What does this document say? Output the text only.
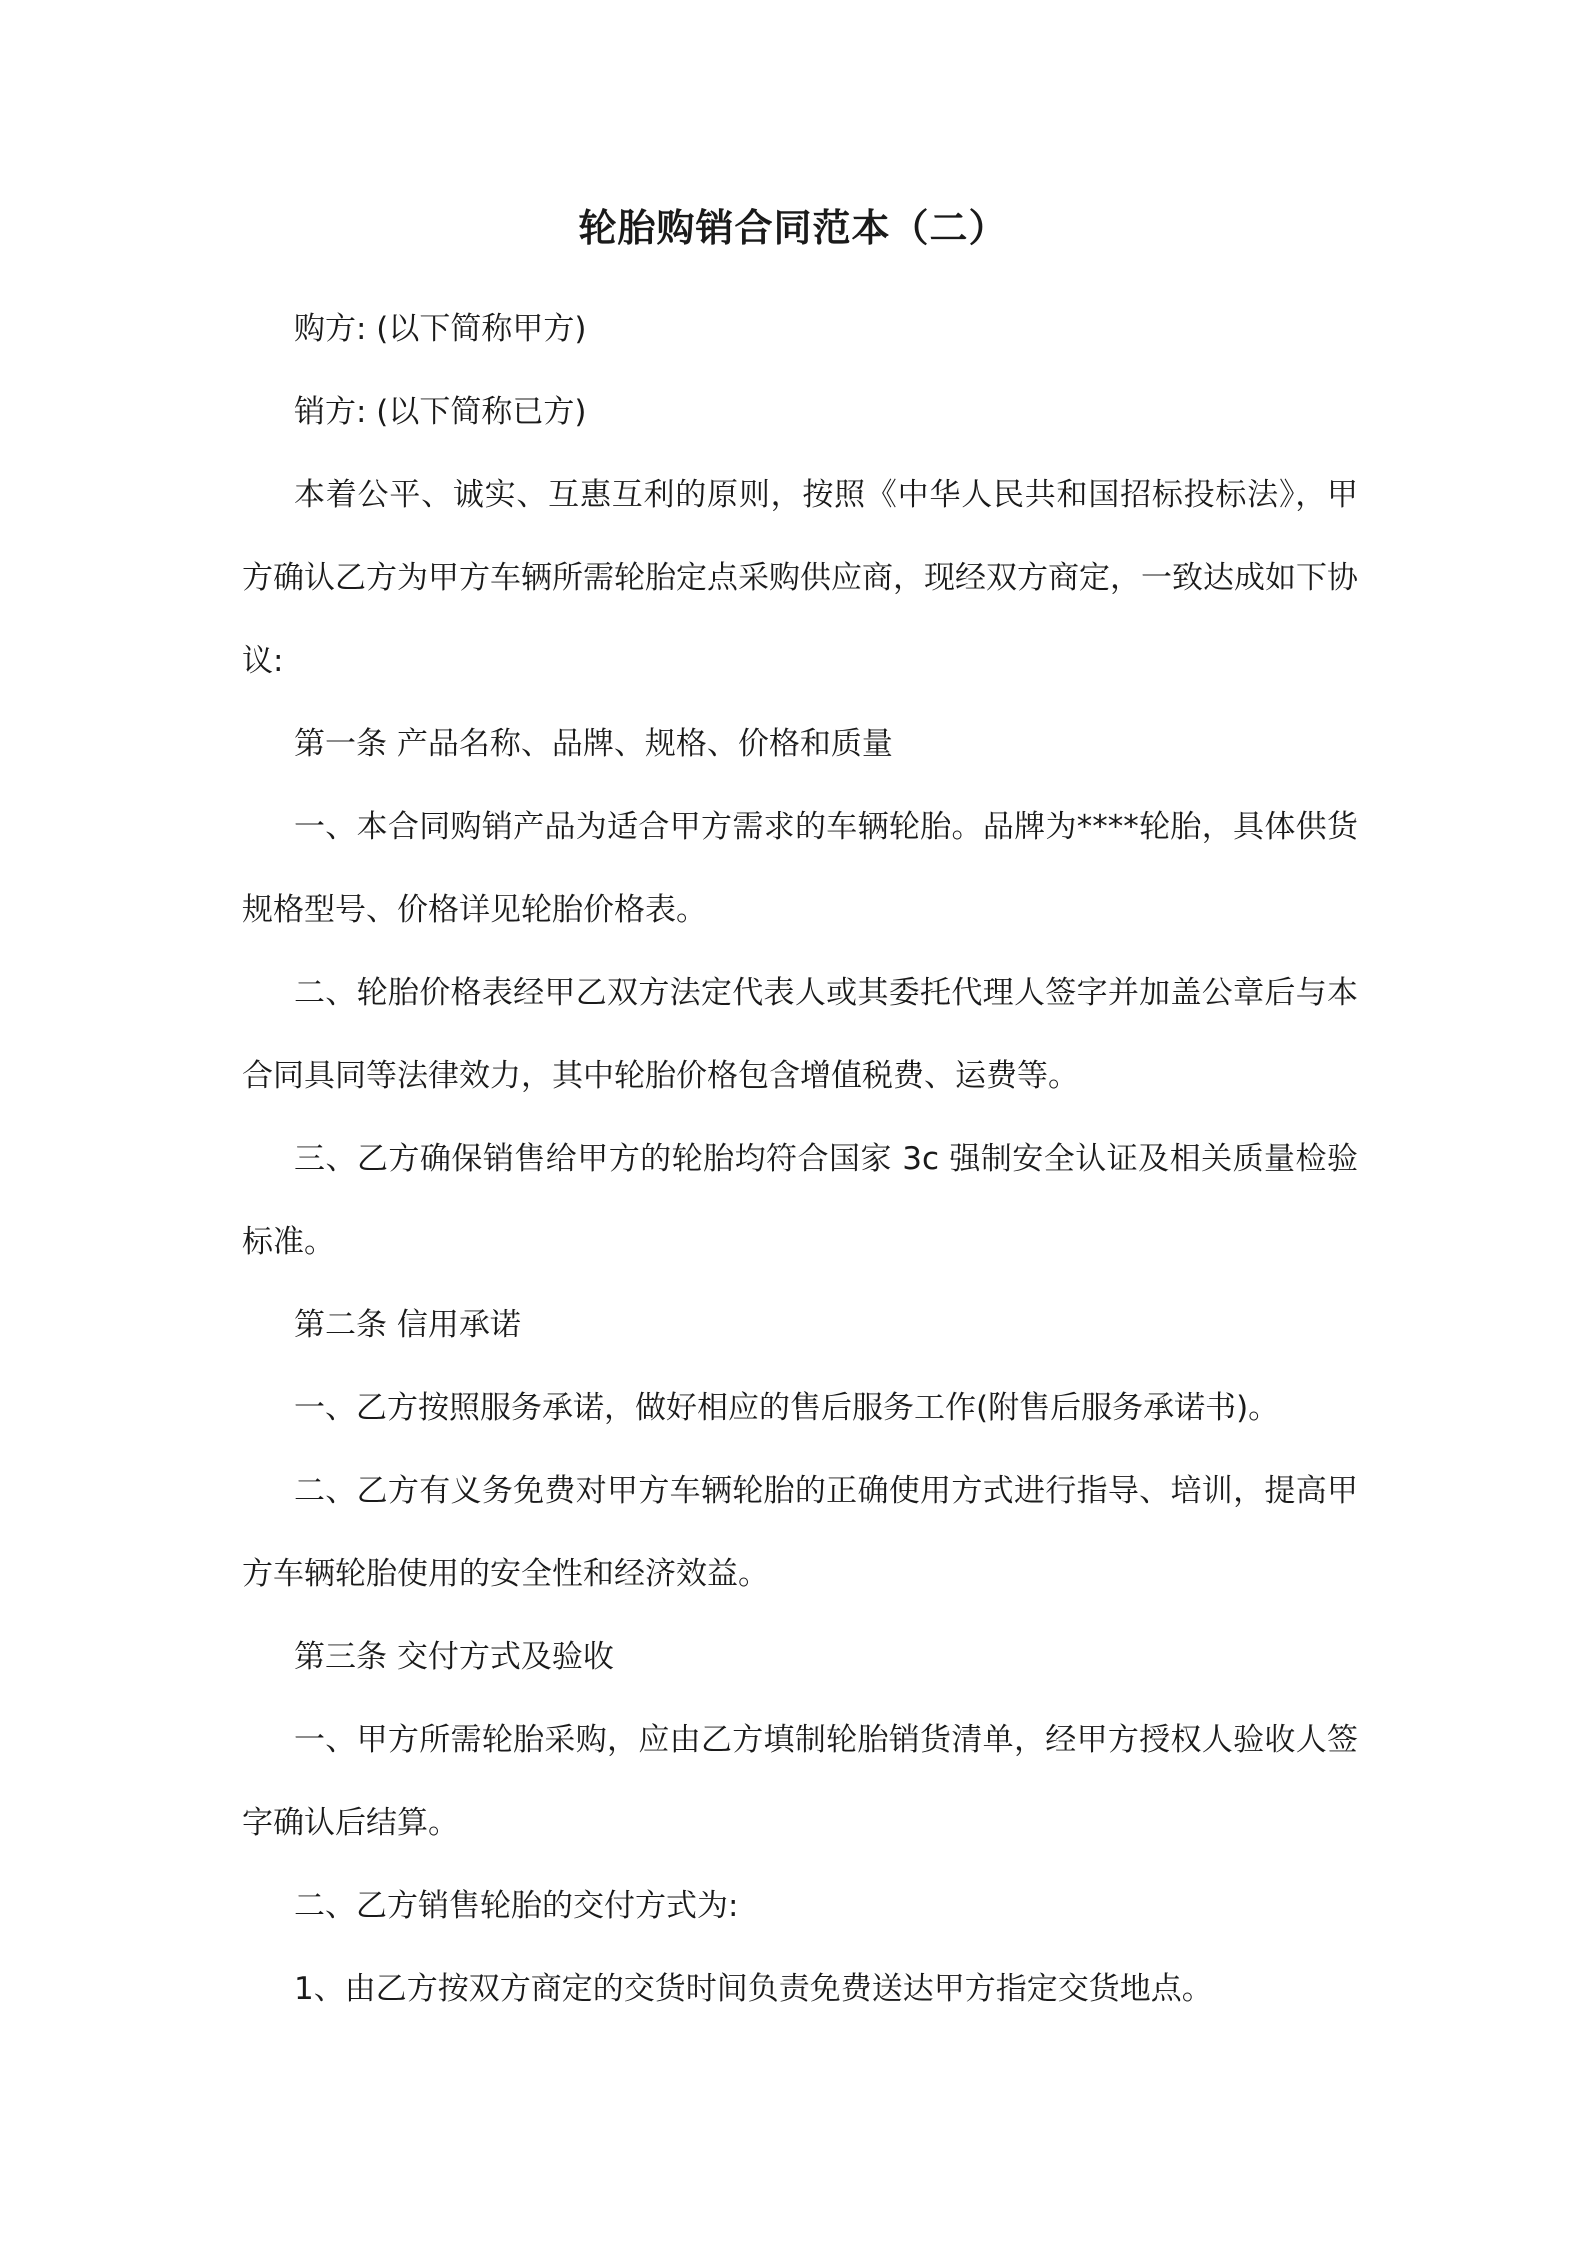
轮胎购销合同范本（二）

购方: (以下简称甲方)

销方: (以下简称已方)

本着公平、诚实、互惠互利的原则，按照《中华人民共和国招标投标法》，甲方确认乙方为甲方车辆所需轮胎定点采购供应商，现经双方商定，一致达成如下协议:

第一条 产品名称、品牌、规格、价格和质量

一、本合同购销产品为适合甲方需求的车辆轮胎。品牌为****轮胎，具体供货规格型号、价格详见轮胎价格表。

二、轮胎价格表经甲乙双方法定代表人或其委托代理人签字并加盖公章后与本合同具同等法律效力，其中轮胎价格包含增值税费、运费等。

三、乙方确保销售给甲方的轮胎均符合国家 3c 强制安全认证及相关质量检验标准。

第二条 信用承诺

一、乙方按照服务承诺，做好相应的售后服务工作(附售后服务承诺书)。

二、乙方有义务免费对甲方车辆轮胎的正确使用方式进行指导、培训，提高甲方车辆轮胎使用的安全性和经济效益。

第三条 交付方式及验收

一、甲方所需轮胎采购，应由乙方填制轮胎销货清单，经甲方授权人验收人签字确认后结算。

二、乙方销售轮胎的交付方式为:

1、由乙方按双方商定的交货时间负责免费送达甲方指定交货地点。
